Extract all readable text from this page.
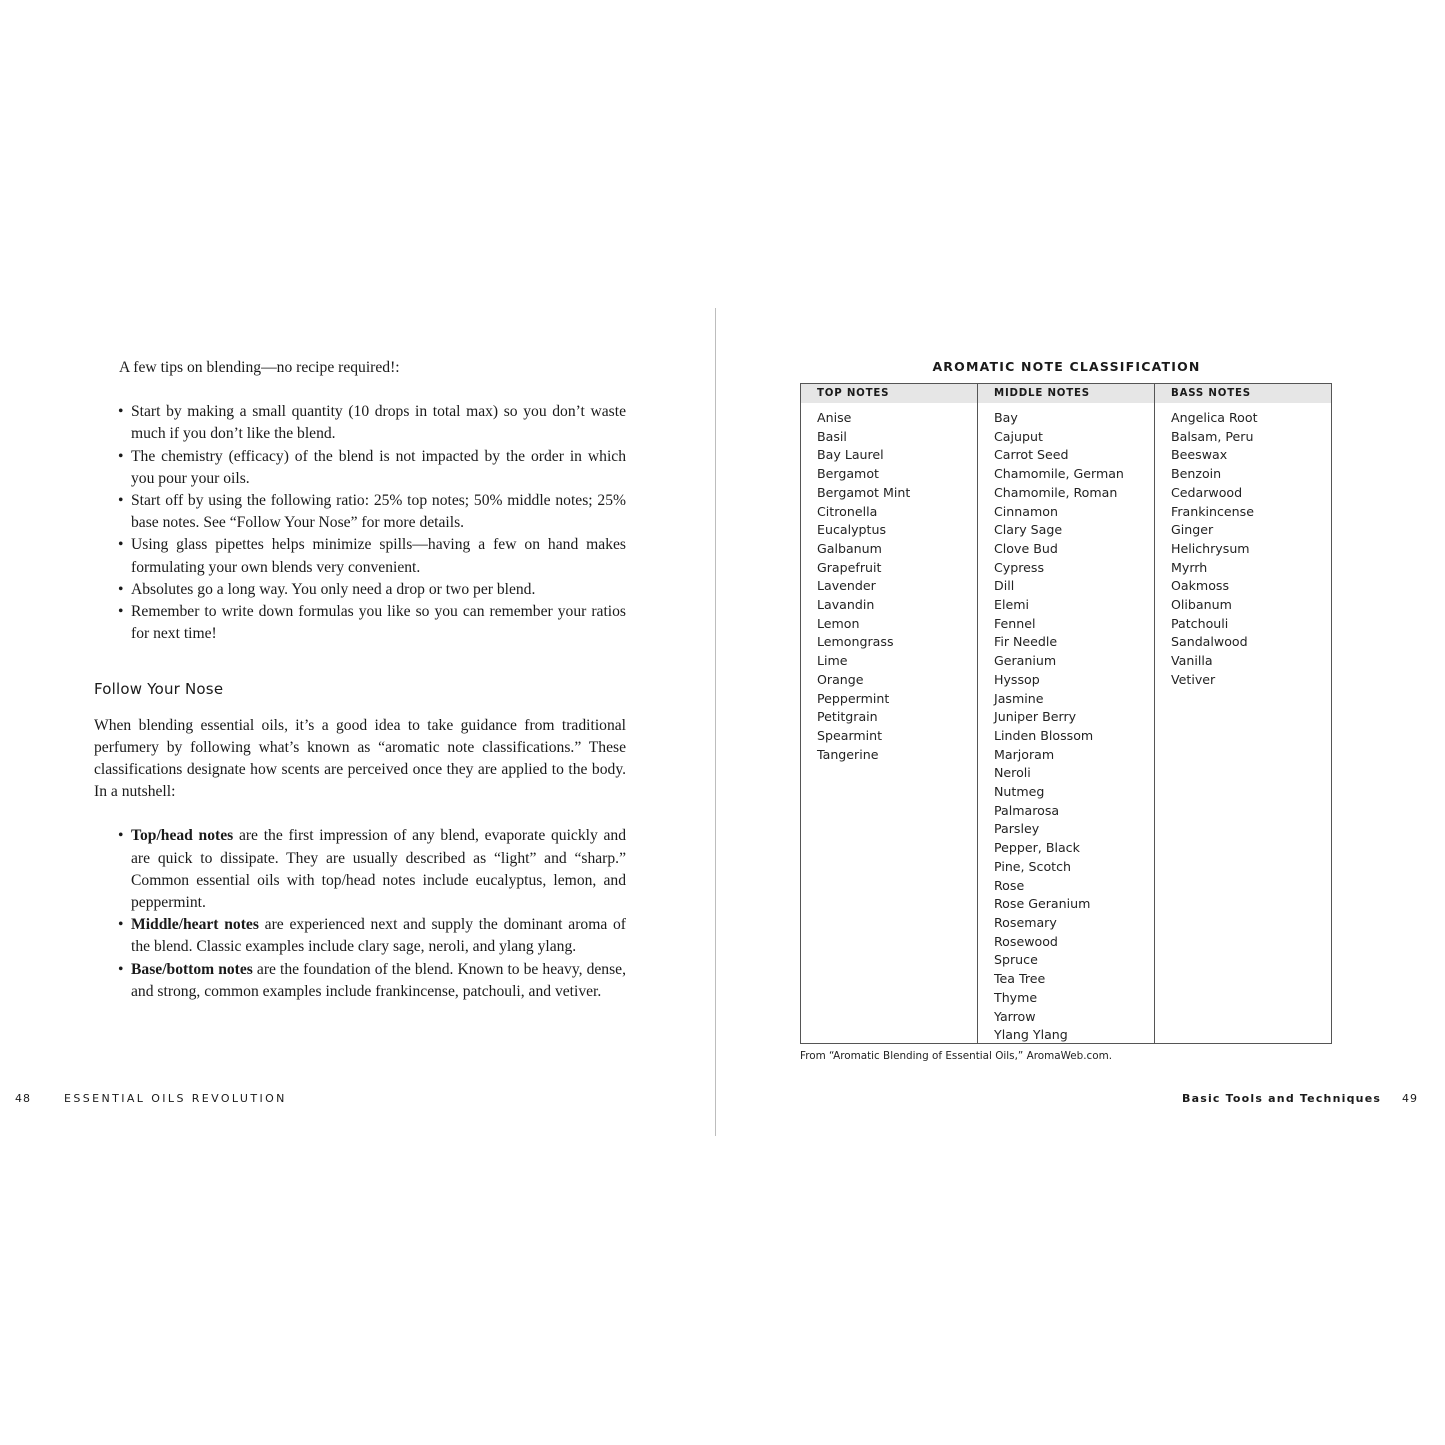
A few tips on blending—no recipe required!:

• Start by making a small quantity (10 drops in total max) so you don’t waste much if you don’t like the blend.
• The chemistry (efficacy) of the blend is not impacted by the order in which you pour your oils.
• Start off by using the following ratio: 25% top notes; 50% middle notes; 25% base notes. See “Follow Your Nose” for more details.
• Using glass pipettes helps minimize spills—having a few on hand makes formulating your own blends very convenient.
• Absolutes go a long way. You only need a drop or two per blend.
• Remember to write down formulas you like so you can remember your ratios for next time!
Follow Your Nose

When blending essential oils, it’s a good idea to take guidance from traditional perfumery by following what’s known as “aromatic note classifications.” These classifications designate how scents are perceived once they are applied to the body. In a nutshell:

• Top/head notes are the first impression of any blend, evaporate quickly and are quick to dissipate. They are usually described as “light” and “sharp.” Common essential oils with top/head notes include eucalyptus, lemon, and peppermint.
• Middle/heart notes are experienced next and supply the dominant aroma of the blend. Classic examples include clary sage, neroli, and ylang ylang.
• Base/bottom notes are the foundation of the blend. Known to be heavy, dense, and strong, common examples include frankincense, patchouli, and vetiver.
48	ESSENTIAL OILS REVOLUTION
AROMATIC NOTE CLASSIFICATION
TOP NOTES
Anise
Basil
Bay Laurel
Bergamot
Bergamot Mint
Citronella
Eucalyptus
Galbanum
Grapefruit
Lavender
Lavandin
Lemon
Lemongrass
Lime
Orange
Peppermint
Petitgrain
Spearmint
Tangerine
MIDDLE NOTES
Bay
Cajuput
Carrot Seed
Chamomile, German
Chamomile, Roman
Cinnamon
Clary Sage
Clove Bud
Cypress
Dill
Elemi
Fennel
Fir Needle
Geranium
Hyssop
Jasmine
Juniper Berry
Linden Blossom
Marjoram
Neroli
Nutmeg
Palmarosa
Parsley
Pepper, Black
Pine, Scotch
Rose
Rose Geranium
Rosemary
Rosewood
Spruce
Tea Tree
Thyme
Yarrow
Ylang Ylang
BASS NOTES
Angelica Root
Balsam, Peru
Beeswax
Benzoin
Cedarwood
Frankincense
Ginger
Helichrysum
Myrrh
Oakmoss
Olibanum
Patchouli
Sandalwood
Vanilla
Vetiver
From “Aromatic Blending of Essential Oils,” AromaWeb.com.
Basic Tools and Techniques 49
